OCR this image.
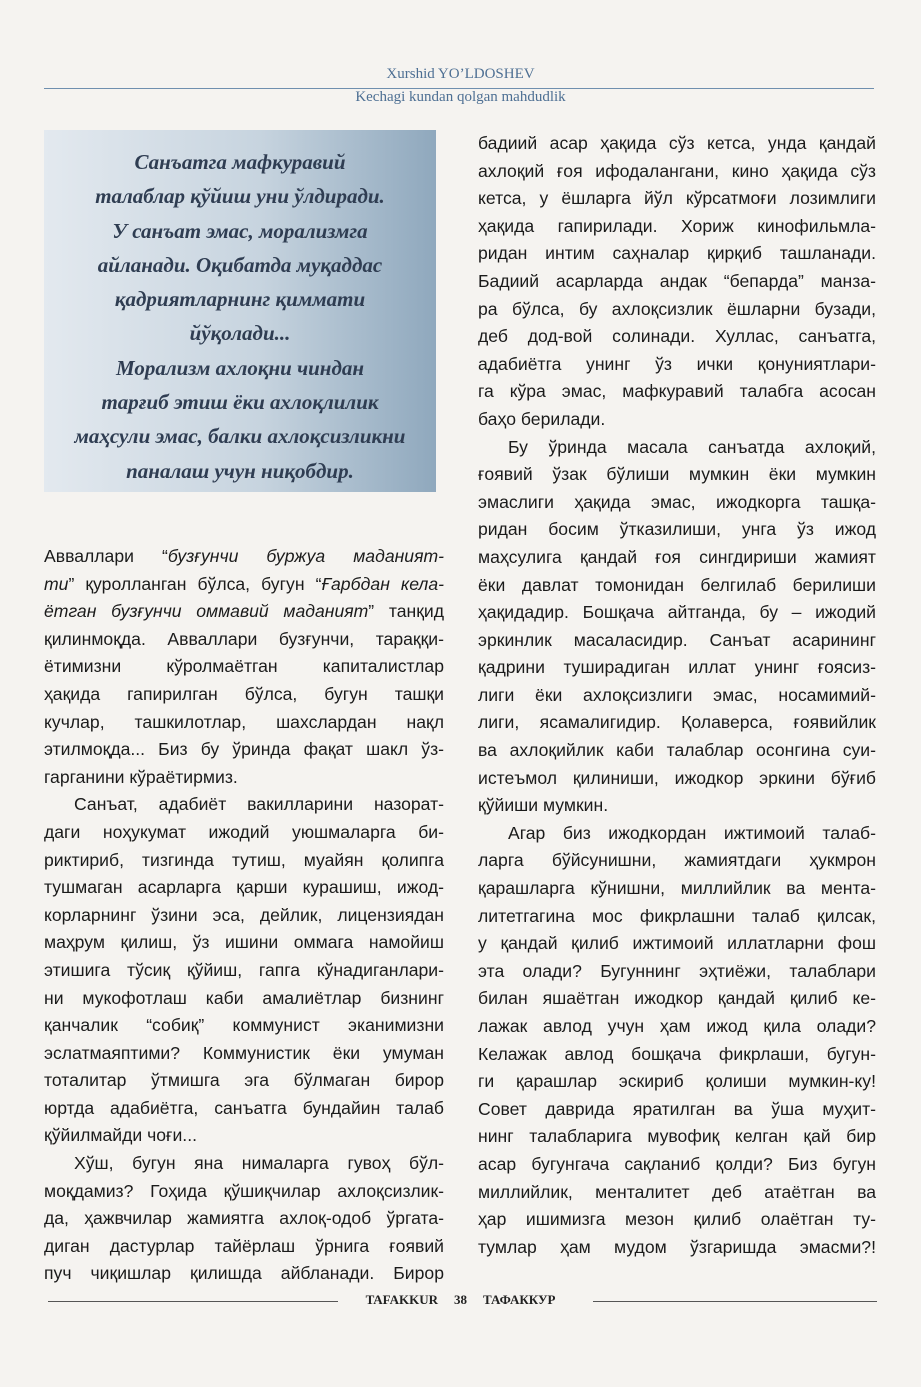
Xurshid YO’LDOSHEV
Kechagi kundan qolgan mahdudlik
Санъатга мафкуравий
талаблар қўйиш уни ўлдиради.
У санъат эмас, морализмга
айланади. Оқибатда муқаддас
қадриятларнинг қиммати
йўқолади...
Морализм ахлоқни чиндан
тарғиб этиш ёки ахлоқлилик
маҳсули эмас, балки ахлоқсизликни
паналаш учун ниқобдир.

Авваллари “бузғунчи буржуа маданият-

ти” қуролланган бўлса, бугун “Ғарбдан кела-

ётган бузғунчи оммавий маданият” танқид

қилинмоқда. Авваллари бузғунчи, тараққи-

ётимизни кўролмаётган капиталистлар

ҳақида гапирилган бўлса, бугун ташқи

кучлар, ташкилотлар, шахслардан нақл

этилмоқда... Биз бу ўринда фақат шакл ўз-

гарганини кўраётирмиз.

Санъат, адабиёт вакилларини назорат-

даги ноҳукумат ижодий уюшмаларга би-

риктириб, тизгинда тутиш, муайян қолипга

тушмаган асарларга қарши курашиш, ижод-

корларнинг ўзини эса, дейлик, лицензиядан

маҳрум қилиш, ўз ишини оммага намойиш

этишига тўсиқ қўйиш, гапга кўнадиганлари-

ни мукофотлаш каби амалиётлар бизнинг

қанчалик “собиқ” коммунист эканимизни

эслатмаяптими? Коммунистик ёки умуман

тоталитар ўтмишга эга бўлмаган бирор

юртда адабиётга, санъатга бундайин талаб

қўйилмайди чоғи...

Хўш, бугун яна нималарга гувоҳ бўл-

моқдамиз? Гоҳида қўшиқчилар ахлоқсизлик-

да, ҳажвчилар жамиятга ахлоқ-одоб ўргата-

диган дастурлар тайёрлаш ўрнига ғоявий

пуч чиқишлар қилишда айбланади. Бирор

бадиий асар ҳақида сўз кетса, унда қандай

ахлоқий ғоя ифодалангани, кино ҳақида сўз

кетса, у ёшларга йўл кўрсатмоғи лозимлиги

ҳақида гапирилади. Хориж кинофильмла-

ридан интим саҳналар қирқиб ташланади.

Бадиий асарларда андак “бепарда” манза-

ра бўлса, бу ахлоқсизлик ёшларни бузади,

деб дод-вой солинади. Хуллас, санъатга,

адабиётга унинг ўз ички қонуниятлари-

га кўра эмас, мафкуравий талабга асосан

баҳо берилади.

Бу ўринда масала санъатда ахлоқий,

ғоявий ўзак бўлиши мумкин ёки мумкин

эмаслиги ҳақида эмас, ижодкорга ташқа-

ридан босим ўтказилиши, унга ўз ижод

маҳсулига қандай ғоя сингдириши жамият

ёки давлат томонидан белгилаб берилиши

ҳақидадир. Бошқача айтганда, бу – ижодий

эркинлик масаласидир. Санъат асарининг

қадрини туширадиган иллат унинг ғоясиз-

лиги ёки ахлоқсизлиги эмас, носамимий-

лиги, ясамалигидир. Қолаверса, ғоявийлик

ва ахлоқийлик каби талаблар осонгина суи-

истеъмол қилиниши, ижодкор эркини бўғиб

қўйиши мумкин.

Агар биз ижодкордан ижтимоий талаб-

ларга бўйсунишни, жамиятдаги ҳукмрон

қарашларга кўнишни, миллийлик ва мента-

литетгагина мос фикрлашни талаб қилсак,

у қандай қилиб ижтимоий иллатларни фош

эта олади? Бугуннинг эҳтиёжи, талаблари

билан яшаётган ижодкор қандай қилиб ке-

лажак авлод учун ҳам ижод қила олади?

Келажак авлод бошқача фикрлаши, бугун-

ги қарашлар эскириб қолиши мумкин-ку!

Совет даврида яратилган ва ўша муҳит-

нинг талабларига мувофиқ келган қай бир

асар бугунгача сақланиб қолди? Биз бугун

миллийлик, менталитет деб атаётган ва

ҳар ишимизга мезон қилиб олаётган ту-

тумлар ҳам мудом ўзгаришда эмасми?!

TAFAKKUR 38 ТАФАККУР
